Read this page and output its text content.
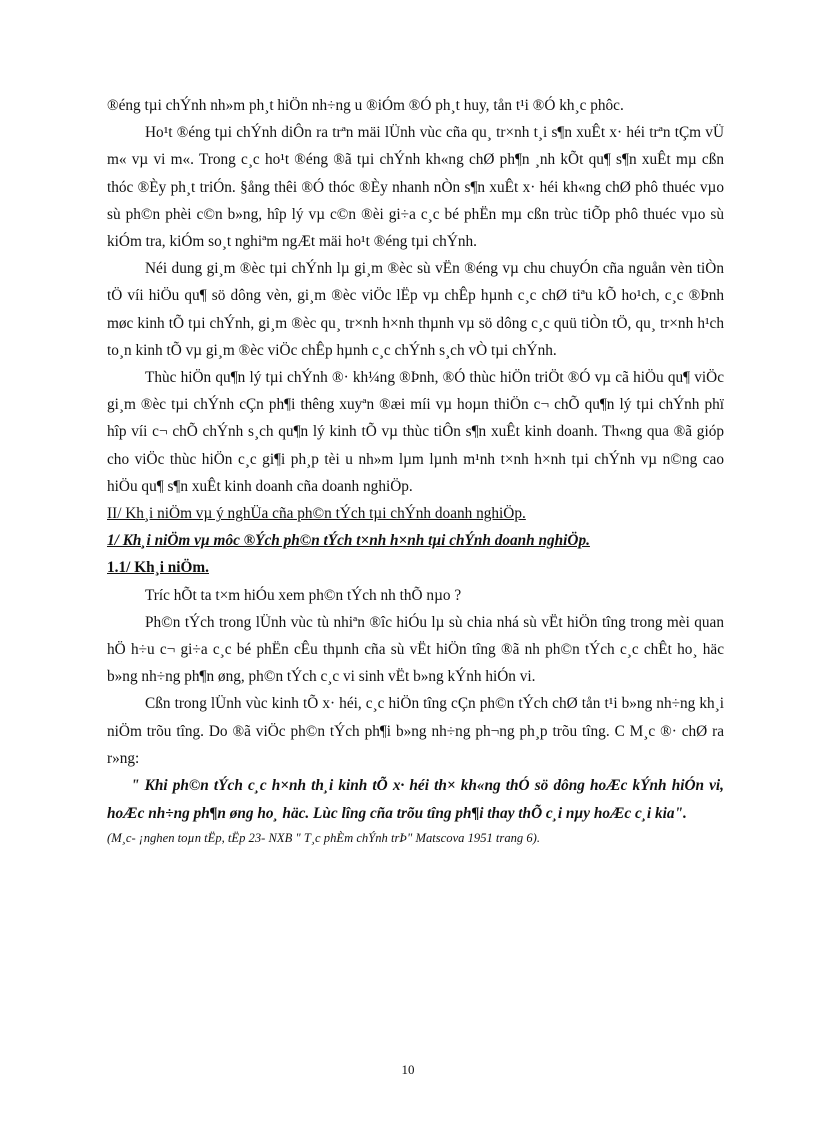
®éng tµi chÝnh nh»m ph¸t hiÖn nh÷ng u ®iÓm ®Ó ph¸t huy, tån t¹i ®Ó kh¸c phôc.

Ho¹t ®éng tµi chÝnh diÔn ra trªn mäi lÜnh vùc cña qu¸ tr×nh t¸i s¶n xuÊt x· héi trªn tÇm vÜ m« vµ vi m«. Trong c¸c ho¹t ®éng ®ã tµi chÝnh kh«ng chØ ph¶n ¸nh kÕt qu¶ s¶n xuÊt mµ cßn thóc ®Èy ph¸t triÓn. §ång thêi ®Ó thóc ®Èy nhanh nÒn s¶n xuÊt x· héi kh«ng chØ phô thuéc vµo sù ph©n phèi c©n b»ng, hîp lý vµ c©n ®èi gi÷a c¸c bé phËn mµ cßn trùc tiÕp phô thuéc vµo sù kiÓm tra, kiÓm so¸t nghiªm ngÆt mäi ho¹t ®éng tµi chÝnh.

Néi dung gi¸m ®èc tµi chÝnh lµ gi¸m ®èc sù vËn ®éng vµ chu chuyÓn cña nguån vèn tiÒn tÖ víi hiÖu qu¶ sö dông vèn, gi¸m ®èc viÖc lËp vµ chÊp hµnh c¸c chØ tiªu kÕ ho¹ch, c¸c ®Þnh møc kinh tÕ tµi chÝnh, gi¸m ®èc qu¸ tr×nh h×nh thµnh vµ sö dông c¸c quü tiÒn tÖ, qu¸ tr×nh h¹ch to¸n kinh tÕ vµ gi¸m ®èc viÖc chÊp hµnh c¸c chÝnh s¸ch vÒ tµi chÝnh.

Thùc hiÖn qu¶n lý tµi chÝnh ®· kh¼ng ®Þnh, ®Ó thùc hiÖn triÖt ®Ó vµ cã hiÖu qu¶ viÖc gi¸m ®èc tµi chÝnh cÇn ph¶i thêng xuyªn ®æi míi vµ hoµn thiÖn c¬ chÕ qu¶n lý tµi chÝnh phï hîp víi c¬ chÕ chÝnh s¸ch qu¶n lý kinh tÕ vµ thùc tiÔn s¶n xuÊt kinh doanh. Th«ng qua ®ã gióp cho viÖc thùc hiÖn c¸c gi¶i ph¸p tèi u nh»m lµm lµnh m¹nh t×nh h×nh tµi chÝnh vµ n©ng cao hiÖu qu¶ s¶n xuÊt kinh doanh cña doanh nghiÖp.

II/ Kh¸i niÖm vµ ý nghÜa cña ph©n tÝch tµi chÝnh doanh nghiÖp.

1/ Kh¸i niÖm vµ môc ®Ých ph©n tÝch t×nh h×nh tµi chÝnh doanh nghiÖp.

1.1/ Kh¸i niÖm.

Tríc hÕt ta t×m hiÓu xem ph©n tÝch nh thÕ nµo ?

Ph©n tÝch trong lÜnh vùc tù nhiªn ®îc hiÓu lµ sù chia nhá sù vËt hiÖn tîng trong mèi quan hÖ h÷u c¬ gi÷a c¸c bé phËn cÊu thµnh cña sù vËt hiÖn tîng ®ã nh ph©n tÝch c¸c chÊt ho¸ häc b»ng nh÷ng ph¶n øng, ph©n tÝch c¸c vi sinh vËt b»ng kÝnh hiÓn vi.

Cßn trong lÜnh vùc kinh tÕ x· héi, c¸c hiÖn tîng cÇn ph©n tÝch chØ tån t¹i b»ng nh÷ng kh¸i niÖm trõu tîng. Do ®ã viÖc ph©n tÝch ph¶i b»ng nh÷ng ph¬ng ph¸p trõu tîng. C M¸c ®· chØ ra r»ng:

" Khi ph©n tÝch c¸c h×nh th¸i kinh tÕ x· héi th× kh«ng thÓ sö dông hoÆc kÝnh hiÓn vi, hoÆc nh÷ng ph¶n øng ho¸ häc. Lùc lîng cña trõu tîng ph¶i thay thÕ c¸i nµy hoÆc c¸i kia".

(M¸c- ¡nghen toµn tËp, tËp 23- NXB " T¸c phÈm chÝnh trÞ" Matscova 1951 trang 6).

10
